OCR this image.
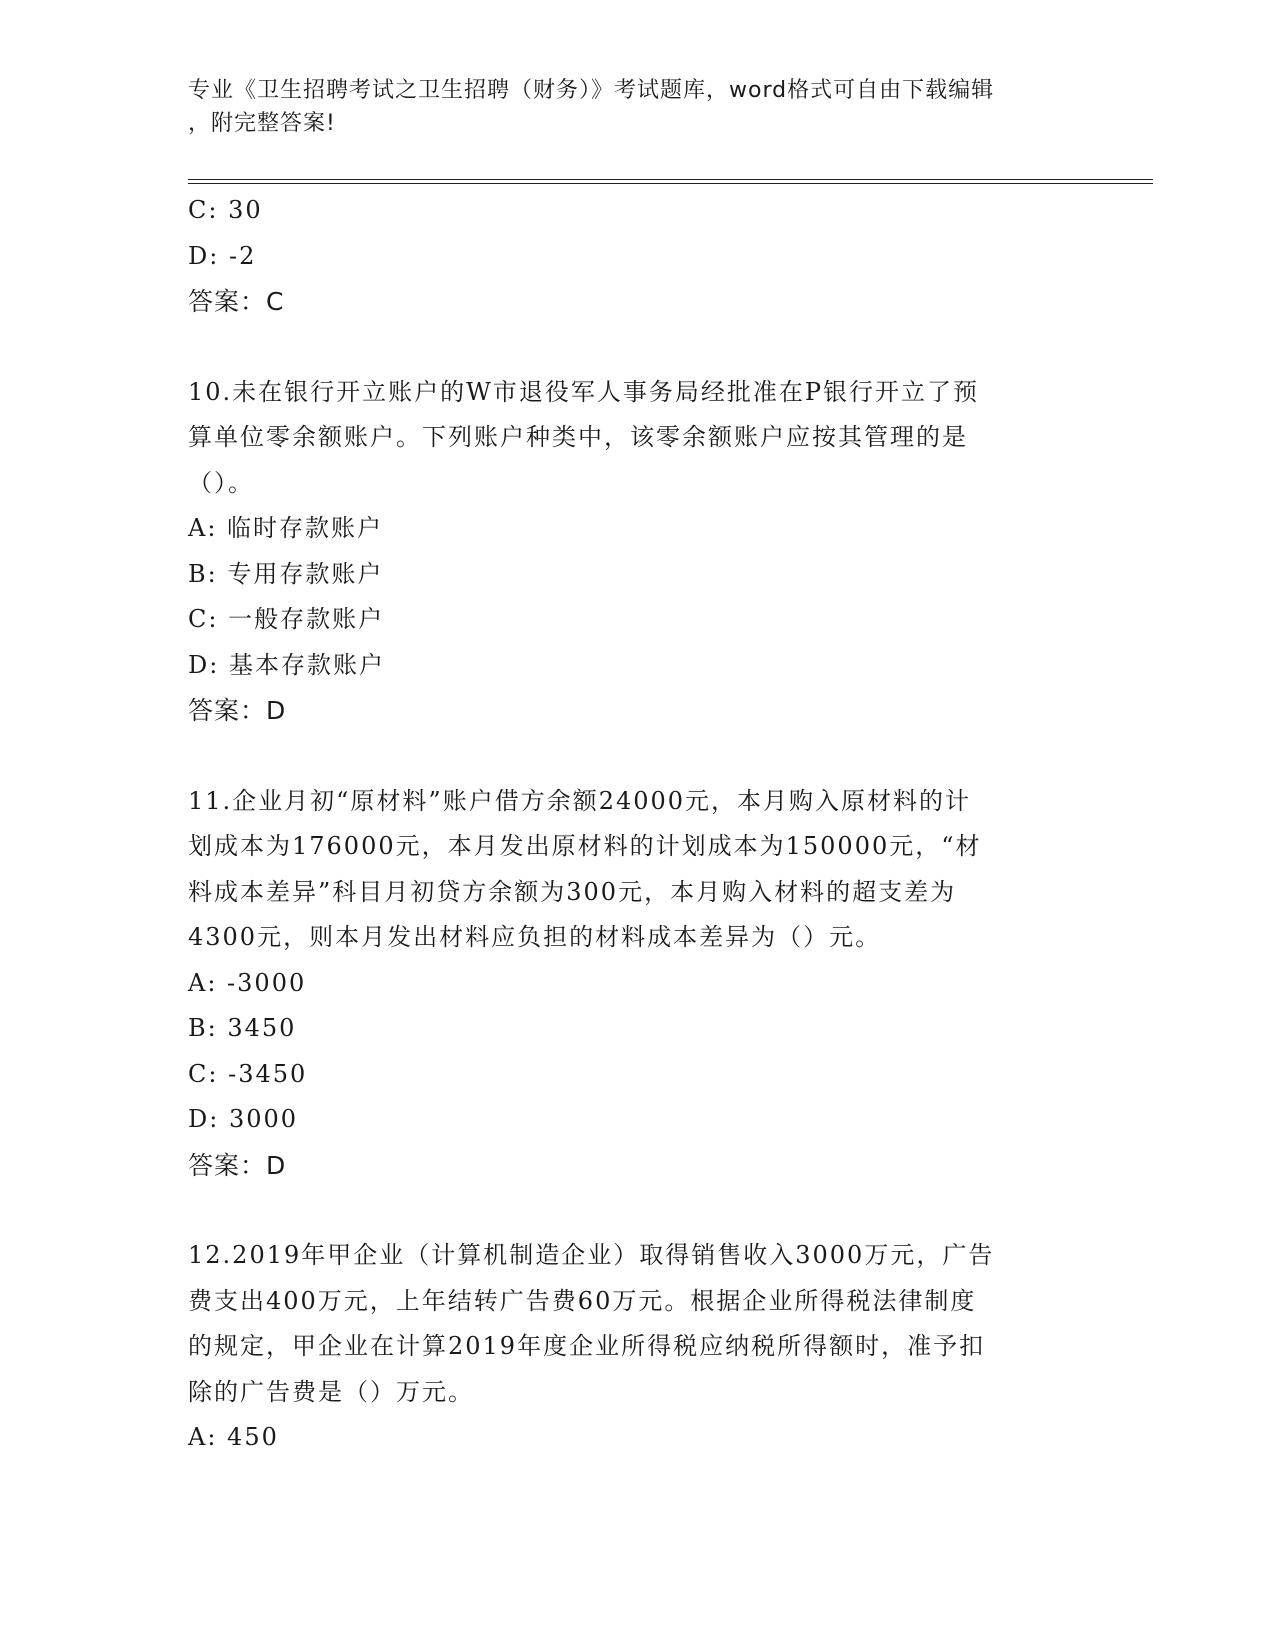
专业《卫生招聘考试之卫生招聘（财务）》考试题库，word格式可自由下载编辑
，附完整答案!
C: 30
D: -2
答案：C
10.未在银行开立账户的W市退役军人事务局经批准在P银行开立了预
算单位零余额账户。下列账户种类中，该零余额账户应按其管理的是
（）。
A: 临时存款账户
B: 专用存款账户
C: 一般存款账户
D: 基本存款账户
答案：D
11.企业月初“原材料”账户借方余额24000元，本月购入原材料的计
划成本为176000元，本月发出原材料的计划成本为150000元，“材
料成本差异”科目月初贷方余额为300元，本月购入材料的超支差为
4300元，则本月发出材料应负担的材料成本差异为（）元。
A: -3000
B: 3450
C: -3450
D: 3000
答案：D
12.2019年甲企业（计算机制造企业）取得销售收入3000万元，广告
费支出400万元，上年结转广告费60万元。根据企业所得税法律制度
的规定，甲企业在计算2019年度企业所得税应纳税所得额时，准予扣
除的广告费是（）万元。
A: 450
